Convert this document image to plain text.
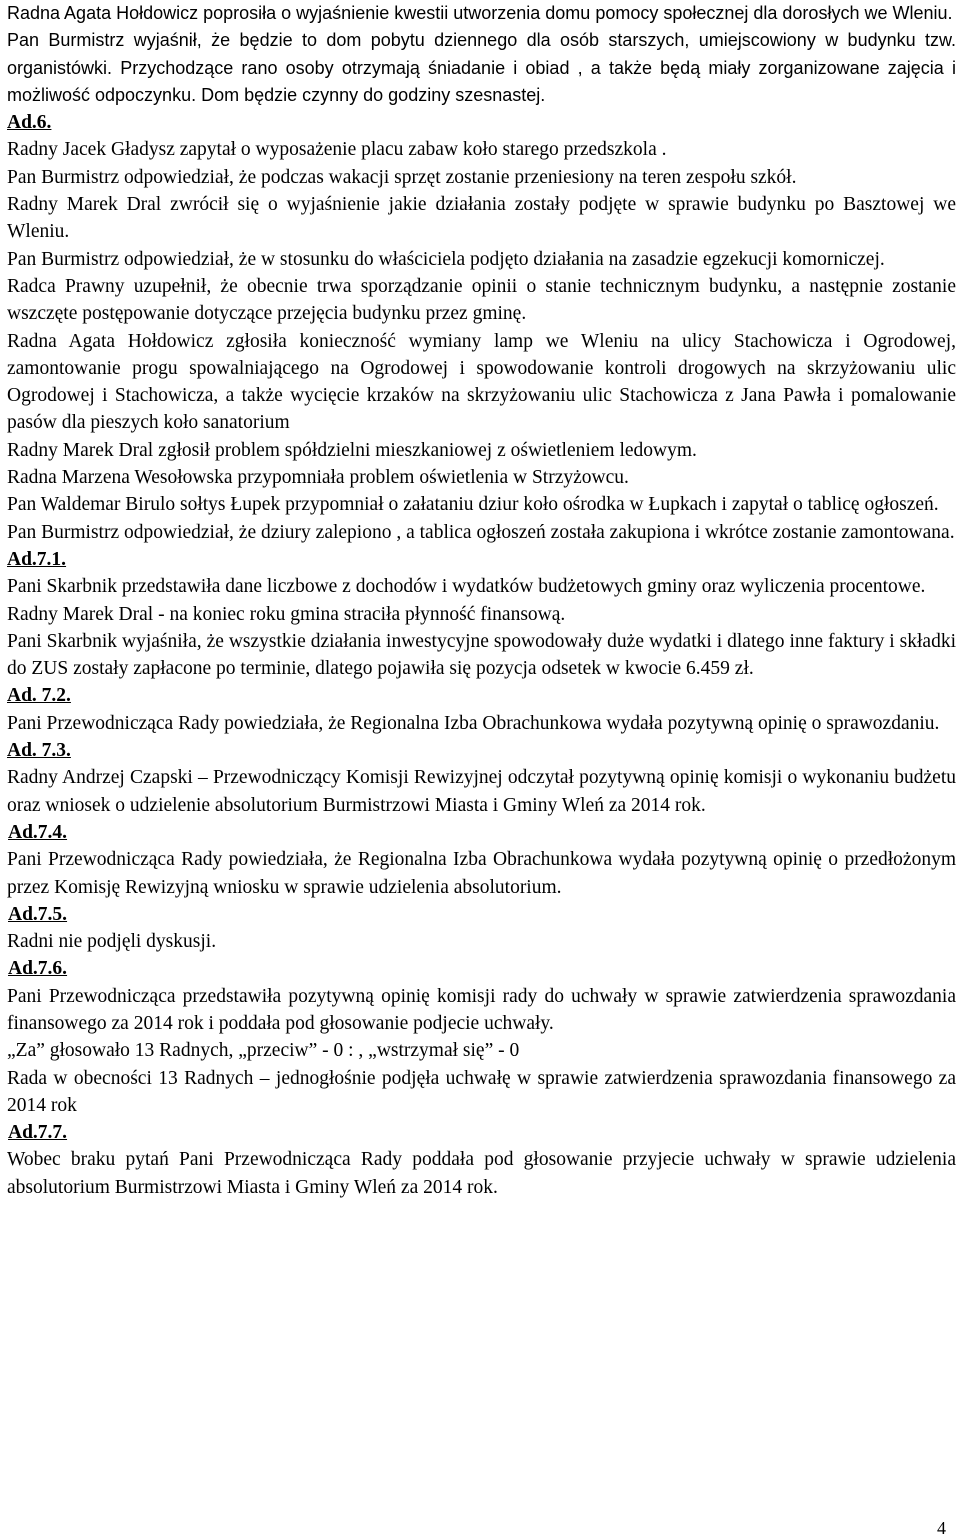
Radna Agata Hołdowicz poprosiła o wyjaśnienie kwestii utworzenia domu pomocy społecznej dla dorosłych we Wleniu.

Pan Burmistrz wyjaśnił, że będzie to dom pobytu dziennego dla osób starszych, umiejscowiony w budynku tzw. organistówki. Przychodzące rano osoby otrzymają śniadanie i obiad , a także będą miały zorganizowane zajęcia i możliwość odpoczynku. Dom będzie czynny do godziny szesnastej.

Ad.6.

Radny Jacek Gładysz zapytał o wyposażenie placu zabaw koło starego przedszkola .

Pan Burmistrz odpowiedział, że podczas wakacji sprzęt zostanie przeniesiony na teren zespołu szkół.

Radny Marek Dral zwrócił się o wyjaśnienie jakie działania zostały podjęte w sprawie budynku po Basztowej we Wleniu.

Pan Burmistrz odpowiedział, że w stosunku do właściciela podjęto działania na zasadzie egzekucji komorniczej.

Radca Prawny uzupełnił, że obecnie trwa sporządzanie opinii o stanie technicznym budynku, a następnie zostanie wszczęte postępowanie dotyczące przejęcia budynku przez gminę.

Radna Agata Hołdowicz zgłosiła konieczność wymiany lamp we Wleniu na ulicy Stachowicza i Ogrodowej, zamontowanie progu spowalniającego na Ogrodowej i spowodowanie kontroli drogowych na skrzyżowaniu ulic Ogrodowej i Stachowicza, a także wycięcie krzaków na skrzyżowaniu ulic Stachowicza z Jana Pawła i pomalowanie pasów dla pieszych koło sanatorium

Radny Marek Dral zgłosił problem spółdzielni mieszkaniowej z oświetleniem ledowym.

Radna Marzena Wesołowska przypomniała problem oświetlenia w Strzyżowcu.

Pan Waldemar Birulo sołtys Łupek przypomniał o załataniu dziur koło ośrodka w Łupkach i zapytał o tablicę ogłoszeń.

Pan Burmistrz odpowiedział, że dziury zalepiono , a tablica ogłoszeń została zakupiona i wkrótce zostanie zamontowana.

Ad.7.1.

Pani Skarbnik przedstawiła dane liczbowe z dochodów i wydatków budżetowych gminy oraz wyliczenia procentowe.

Radny Marek Dral - na koniec roku gmina straciła płynność finansową.

Pani Skarbnik wyjaśniła, że wszystkie działania inwestycyjne spowodowały duże wydatki i dlatego inne faktury i składki do ZUS zostały zapłacone po terminie, dlatego pojawiła się pozycja odsetek w kwocie 6.459 zł.

Ad. 7.2.

Pani Przewodnicząca Rady powiedziała, że Regionalna Izba Obrachunkowa wydała pozytywną opinię o sprawozdaniu.

Ad. 7.3.

Radny Andrzej Czapski – Przewodniczący Komisji Rewizyjnej odczytał pozytywną opinię komisji o wykonaniu budżetu oraz wniosek o udzielenie absolutorium Burmistrzowi Miasta i Gminy Wleń za 2014 rok.

Ad.7.4.

Pani Przewodnicząca Rady powiedziała, że Regionalna Izba Obrachunkowa wydała pozytywną opinię o przedłożonym przez Komisję Rewizyjną wniosku w sprawie udzielenia absolutorium.

Ad.7.5.

Radni nie podjęli dyskusji.

Ad.7.6.

Pani Przewodnicząca przedstawiła pozytywną opinię komisji rady do uchwały w sprawie zatwierdzenia sprawozdania finansowego za 2014 rok i poddała pod głosowanie podjecie uchwały.

„Za” głosowało 13 Radnych, „przeciw” - 0 : , „wstrzymał się” - 0

Rada w obecności 13 Radnych – jednogłośnie podjęła uchwałę w sprawie zatwierdzenia sprawozdania finansowego za 2014 rok

Ad.7.7.

Wobec braku pytań Pani Przewodnicząca Rady poddała pod głosowanie przyjecie uchwały w sprawie udzielenia absolutorium Burmistrzowi Miasta i Gminy Wleń za 2014 rok.

4
